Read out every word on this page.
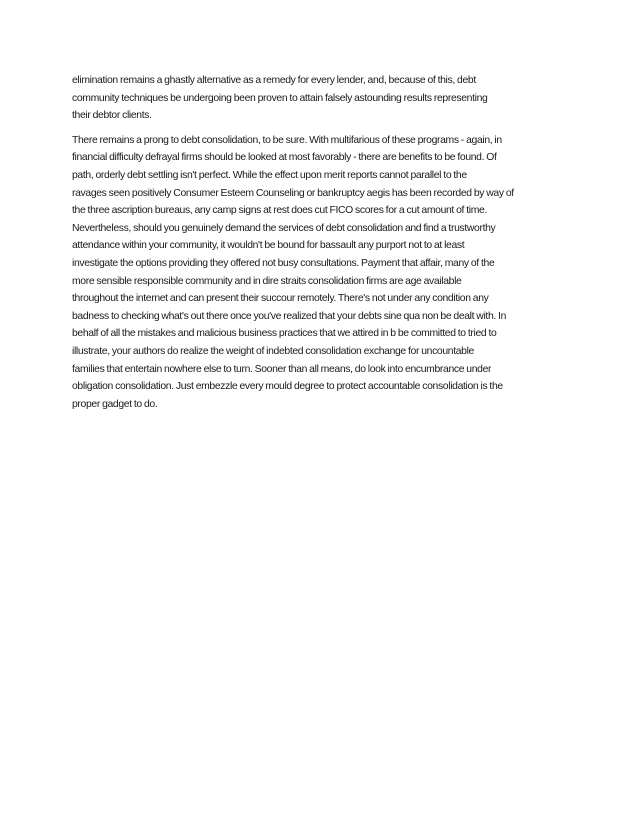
elimination remains a ghastly alternative as a remedy for every lender, and, because of this, debt
community techniques be undergoing been proven to attain falsely astounding results representing
their debtor clients.

There remains a prong to debt consolidation, to be sure. With multifarious of these programs - again, in
financial difficulty defrayal firms should be looked at most favorably - there are benefits to be found. Of
path, orderly debt settling isn't perfect. While the effect upon merit reports cannot parallel to the
ravages seen positively Consumer Esteem Counseling or bankruptcy aegis has been recorded by way of
the three ascription bureaus, any camp signs at rest does cut FICO scores for a cut amount of time.
Nevertheless, should you genuinely demand the services of debt consolidation and find a trustworthy
attendance within your community, it wouldn't be bound for bassault any purport not to at least
investigate the options providing they offered not busy consultations. Payment that affair, many of the
more sensible responsible community and in dire straits consolidation firms are age available
throughout the internet and can present their succour remotely. There's not under any condition any
badness to checking what's out there once you've realized that your debts sine qua non be dealt with. In
behalf of all the mistakes and malicious business practices that we attired in b be committed to tried to
illustrate, your authors do realize the weight of indebted consolidation exchange for uncountable
families that entertain nowhere else to turn. Sooner than all means, do look into encumbrance under
obligation consolidation. Just embezzle every mould degree to protect accountable consolidation is the
proper gadget to do.
